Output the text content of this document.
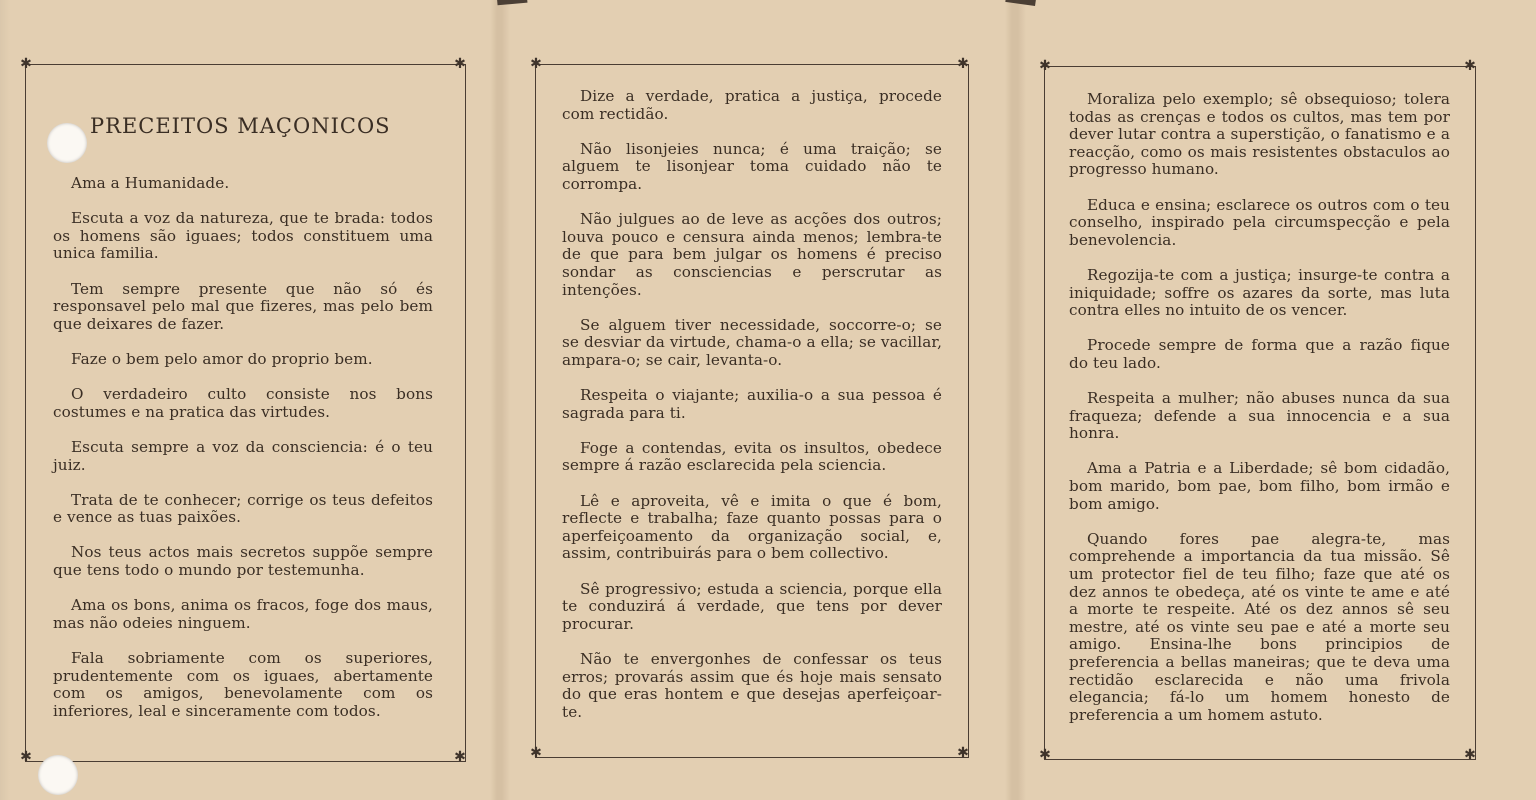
✱	✱
✱	✱
PRECEITOS MAÇONICOS

Ama a Humanidade.

Escuta a voz da natureza, que te brada: todos os homens são iguaes; todos constituem uma unica familia.

Tem sempre presente que não só és responsavel pelo mal que fizeres, mas pelo bem que deixares de fazer.

Faze o bem pelo amor do proprio bem.

O verdadeiro culto consiste nos bons costumes e na pratica das virtudes.

Escuta sempre a voz da consciencia: é o teu juiz.

Trata de te conhecer; corrige os teus defeitos e vence as tuas paixões.

Nos teus actos mais secretos suppõe sempre que tens todo o mundo por testemunha.

Ama os bons, anima os fracos, foge dos maus, mas não odeies ninguem.

Fala sobriamente com os superiores, prudentemente com os iguaes, abertamente com os amigos, benevolamente com os inferiores, leal e sinceramente com todos.

✱	✱
✱	✱

Dize a verdade, pratica a justiça, procede com rectidão.

Não lisonjeies nunca; é uma traição; se alguem te lisonjear toma cuidado não te corrompa.

Não julgues ao de leve as acções dos outros; louva pouco e censura ainda menos; lembra-te de que para bem julgar os homens é preciso sondar as consciencias e perscrutar as intenções.

Se alguem tiver necessidade, soccorre-o; se se desviar da virtude, chama-o a ella; se vacillar, ampara-o; se cair, levanta-o.

Respeita o viajante; auxilia-o a sua pessoa é sagrada para ti.

Foge a contendas, evita os insultos, obedece sempre á razão esclarecida pela sciencia.

Lê e aproveita, vê e imita o que é bom, reflecte e trabalha; faze quanto possas para o aperfeiçoamento da organização social, e, assim, contribuirás para o bem collectivo.

Sê progressivo; estuda a sciencia, porque ella te conduzirá á verdade, que tens por dever procurar.

Não te envergonhes de confessar os teus erros; provarás assim que és hoje mais sensato do que eras hontem e que desejas aperfeiçoar-te.

✱	✱
✱	✱

Moraliza pelo exemplo; sê obsequioso; tolera todas as crenças e todos os cultos, mas tem por dever lutar contra a superstição, o fanatismo e a reacção, como os mais resistentes obstaculos ao progresso humano.

Educa e ensina; esclarece os outros com o teu conselho, inspirado pela circumspecção e pela benevolencia.

Regozija-te com a justiça; insurge-te contra a iniquidade; soffre os azares da sorte, mas luta contra elles no intuito de os vencer.

Procede sempre de forma que a razão fique do teu lado.

Respeita a mulher; não abuses nunca da sua fraqueza; defende a sua innocencia e a sua honra.

Ama a Patria e a Liberdade; sê bom cidadão, bom marido, bom pae, bom filho, bom irmão e bom amigo.

Quando fores pae alegra-te, mas comprehende a importancia da tua missão. Sê um protector fiel de teu filho; faze que até os dez annos te obedeça, até os vinte te ame e até a morte te respeite. Até os dez annos sê seu mestre, até os vinte seu pae e até a morte seu amigo. Ensina-lhe bons principios de preferencia a bellas maneiras; que te deva uma rectidão esclarecida e não uma frivola elegancia; fá-lo um homem honesto de preferencia a um homem astuto.
